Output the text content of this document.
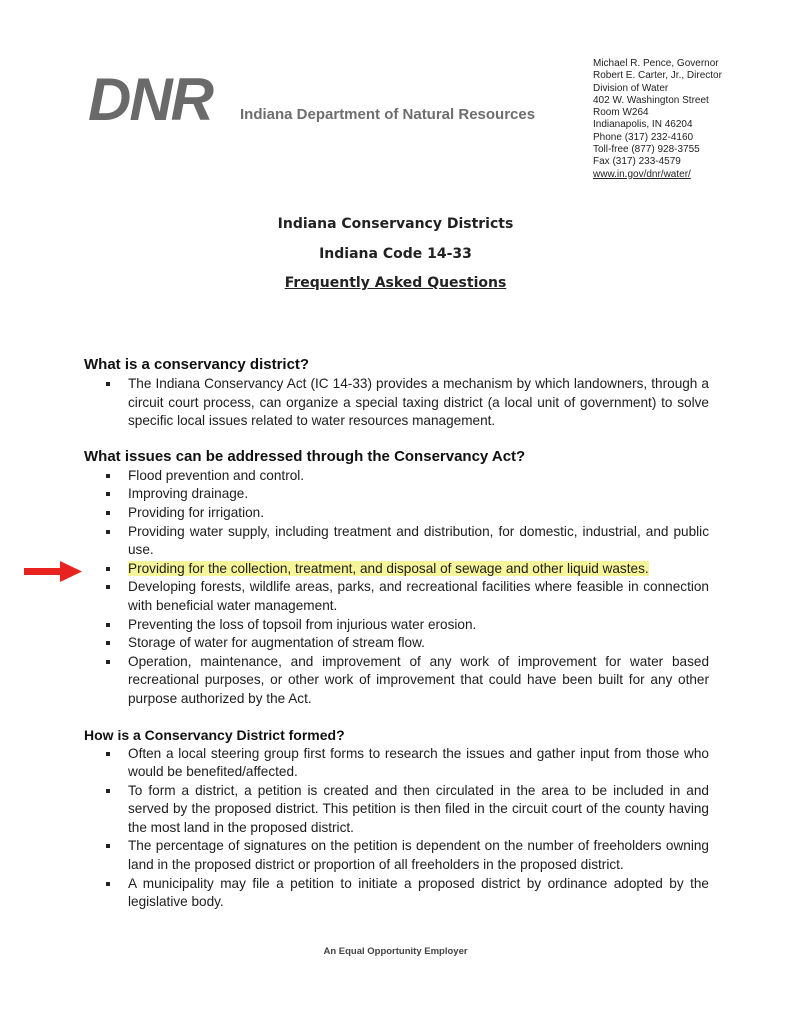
DNR Indiana Department of Natural Resources
Michael R. Pence, Governor
Robert E. Carter, Jr., Director
Division of Water
402 W. Washington Street
Room W264
Indianapolis, IN 46204
Phone (317) 232-4160
Toll-free (877) 928-3755
Fax (317) 233-4579
www.in.gov/dnr/water/
Indiana Conservancy Districts
Indiana Code 14-33
Frequently Asked Questions
What is a conservancy district?
The Indiana Conservancy Act (IC 14-33) provides a mechanism by which landowners, through a circuit court process, can organize a special taxing district (a local unit of government) to solve specific local issues related to water resources management.
What issues can be addressed through the Conservancy Act?
Flood prevention and control.
Improving drainage.
Providing for irrigation.
Providing water supply, including treatment and distribution, for domestic, industrial, and public use.
Providing for the collection, treatment, and disposal of sewage and other liquid wastes.
Developing forests, wildlife areas, parks, and recreational facilities where feasible in connection with beneficial water management.
Preventing the loss of topsoil from injurious water erosion.
Storage of water for augmentation of stream flow.
Operation, maintenance, and improvement of any work of improvement for water based recreational purposes, or other work of improvement that could have been built for any other purpose authorized by the Act.
How is a Conservancy District formed?
Often a local steering group first forms to research the issues and gather input from those who would be benefited/affected.
To form a district, a petition is created and then circulated in the area to be included in and served by the proposed district. This petition is then filed in the circuit court of the county having the most land in the proposed district.
The percentage of signatures on the petition is dependent on the number of freeholders owning land in the proposed district or proportion of all freeholders in the proposed district.
A municipality may file a petition to initiate a proposed district by ordinance adopted by the legislative body.
An Equal Opportunity Employer
